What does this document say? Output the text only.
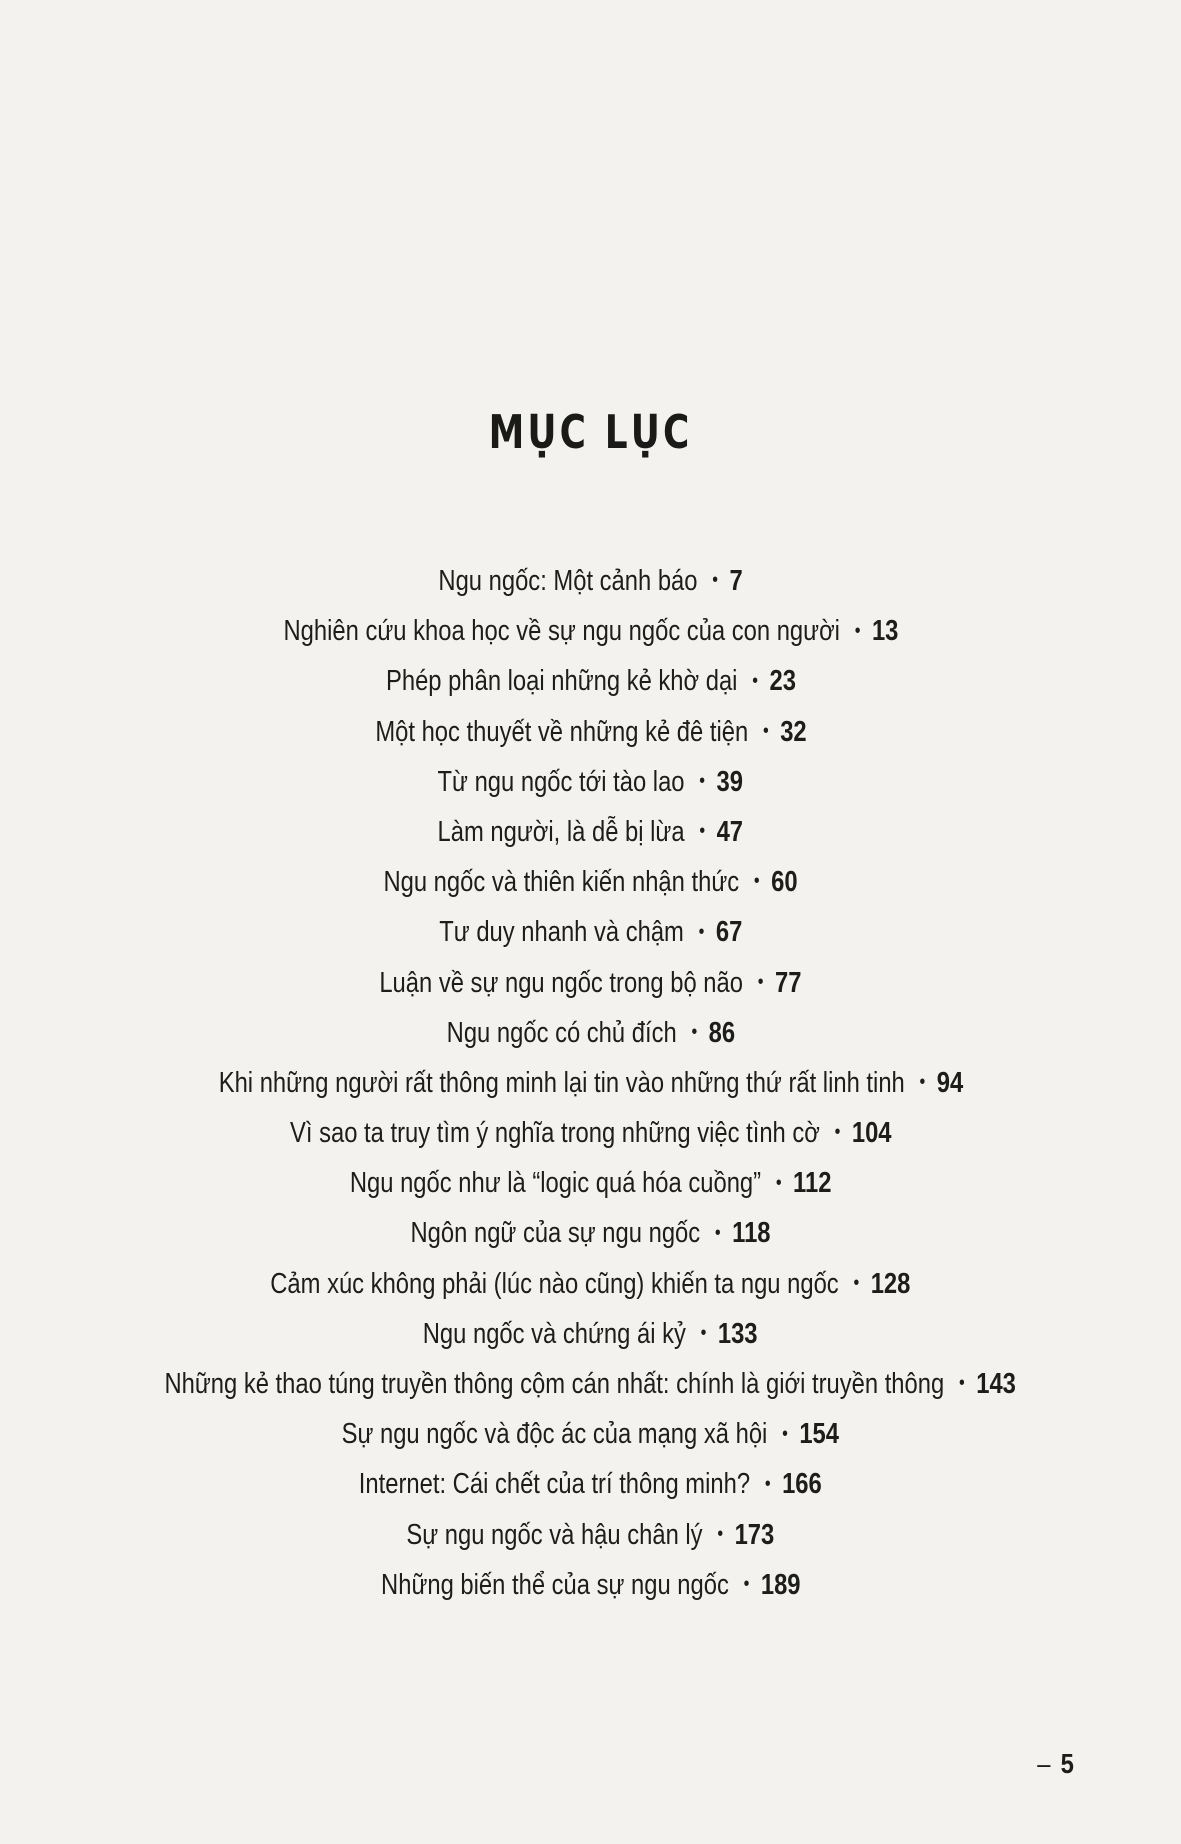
MỤC LỤC
Ngu ngốc: Một cảnh báo • 7
Nghiên cứu khoa học về sự ngu ngốc của con người • 13
Phép phân loại những kẻ khờ dại • 23
Một học thuyết về những kẻ đê tiện • 32
Từ ngu ngốc tới tào lao • 39
Làm người, là dễ bị lừa • 47
Ngu ngốc và thiên kiến nhận thức • 60
Tư duy nhanh và chậm • 67
Luận về sự ngu ngốc trong bộ não • 77
Ngu ngốc có chủ đích • 86
Khi những người rất thông minh lại tin vào những thứ rất linh tinh • 94
Vì sao ta truy tìm ý nghĩa trong những việc tình cờ • 104
Ngu ngốc như là “logic quá hóa cuồng” • 112
Ngôn ngữ của sự ngu ngốc • 118
Cảm xúc không phải (lúc nào cũng) khiến ta ngu ngốc • 128
Ngu ngốc và chứng ái kỷ • 133
Những kẻ thao túng truyền thông cộm cán nhất: chính là giới truyền thông • 143
Sự ngu ngốc và độc ác của mạng xã hội • 154
Internet: Cái chết của trí thông minh? • 166
Sự ngu ngốc và hậu chân lý • 173
Những biến thể của sự ngu ngốc • 189
– 5
